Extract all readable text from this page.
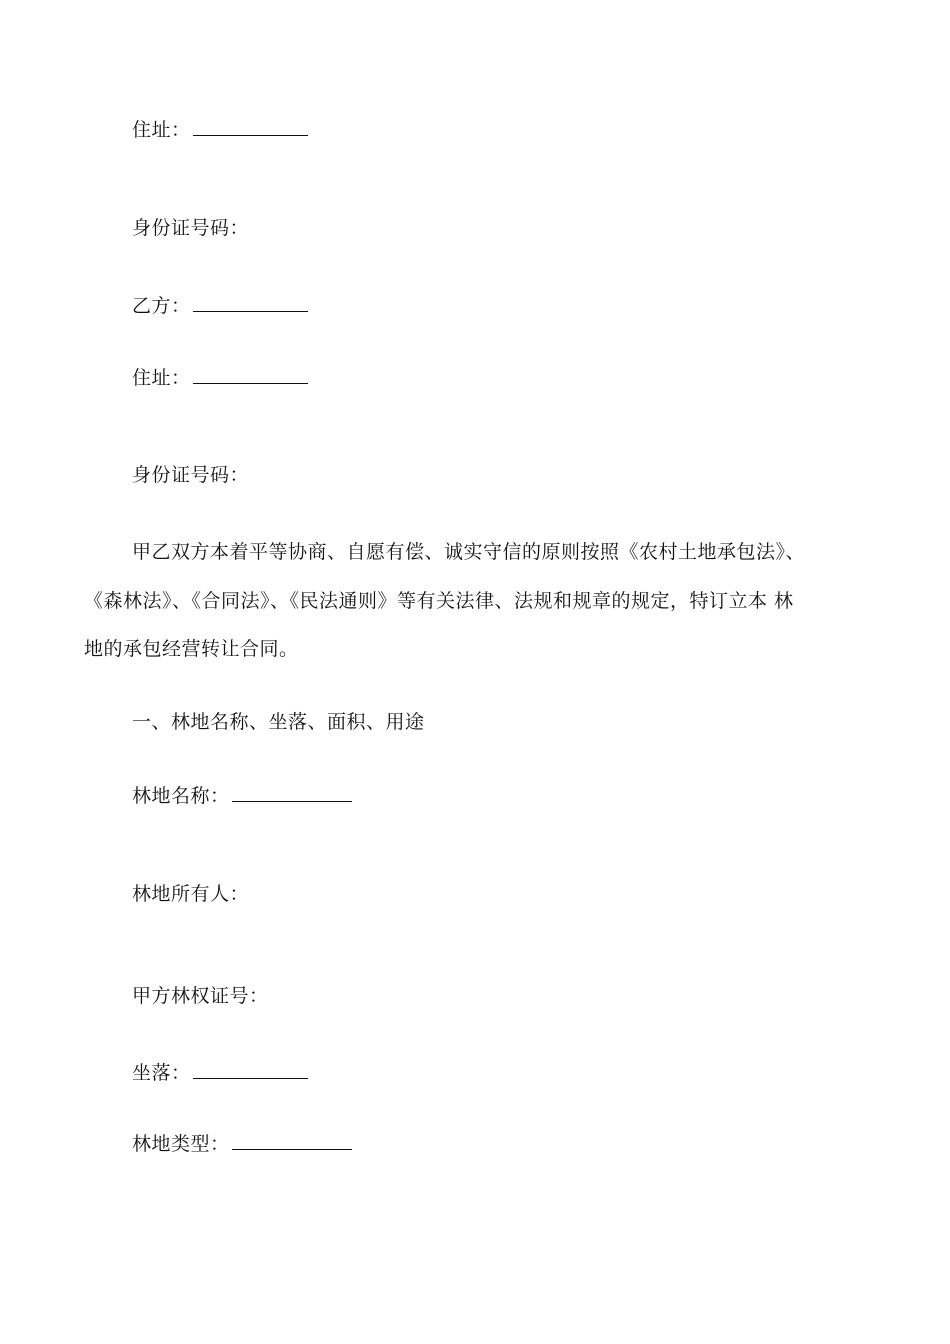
住址：
身份证号码：
乙方：
住址：
身份证号码：
甲乙双方本着平等协商、自愿有偿、诚实守信的原则按照《农村土地承包法》、
《森林法》、《合同法》、《民法通则》等有关法律、法规和规章的规定，特订立本 林
地的承包经营转让合同。
一、林地名称、坐落、面积、用途
林地名称：
林地所有人：
甲方林权证号：
坐落：
林地类型：
